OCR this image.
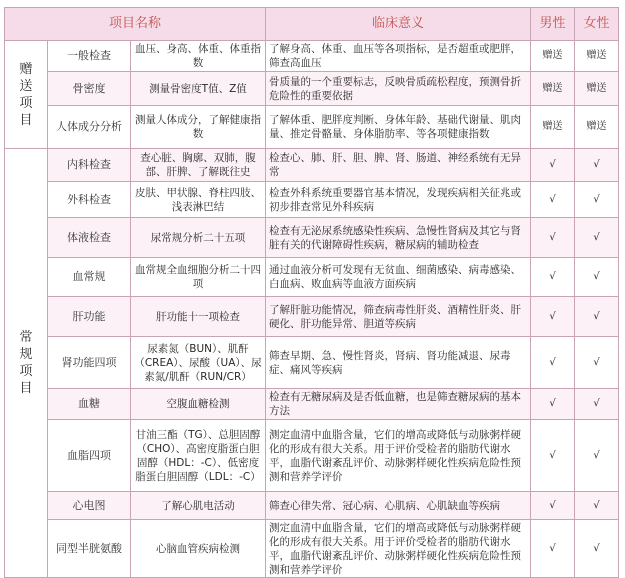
项目名称			临床意义	男性	女性
赠送项目	一般检查	血压、身高、体重、体重指数	了解身高、体重、血压等各项指标，是否超重或肥胖，筛查高血压	赠送	赠送
	骨密度	测量骨密度T值、Z值	骨质量的一个重要标志，反映骨质疏松程度，预测骨折危险性的重要依据	赠送	赠送
	人体成分分析	测量人体成分，了解健康指数	了解体重、肥胖度判断、身体年龄、基础代谢量、肌肉量、推定骨骼量、身体脂肪率、等各项健康指数	赠送	赠送
常规项目	内科检查	查心脏、胸廓、双肺，腹部、肝脾、了解既往史	检查心、肺、肝、胆、脾、肾、肠道、神经系统有无异常	√	√
	外科检查	皮肤、甲状腺、脊柱四肢、浅表淋巴结	检查外科系统重要器官基本情况，发现疾病相关征兆或初步排查常见外科疾病	√	√
	体液检查	尿常规分析二十五项	检查有无泌尿系统感染性疾病、急慢性肾病及其它与肾脏有关的代谢障碍性疾病，糖尿病的辅助检查	√	√
	血常规	血常规全血细胞分析二十四项	通过血液分析可发现有无贫血、细菌感染、病毒感染、白血病、败血病等血液方面疾病	√	√
	肝功能	肝功能十一项检查	了解肝脏功能情况，筛查病毒性肝炎、酒精性肝炎、肝硬化、肝功能异常、胆道等疾病	√	√
	肾功能四项	尿素氮（BUN）、肌酐（CREA）、尿酸（UA）、尿素氮/肌酐（RUN/CR）	筛查早期、急、慢性肾炎，肾病、肾功能减退、尿毒症、痛风等疾病	√	√
	血糖	空腹血糖检测	检查有无糖尿病及是否低血糖，也是筛查糖尿病的基本方法	√	√
	血脂四项	甘油三酯（TG）、总胆固醇（CHO）、高密度脂蛋白胆固醇（HDL：-C）、低密度脂蛋白胆固醇（LDL：-C）	测定血清中血脂含量，它们的增高或降低与动脉粥样硬化的形成有很大关系。用于评价受检者的脂肪代谢水平，血脂代谢紊乱评价、动脉粥样硬化性疾病危险性预测和营养学评价	√	√
	心电图	了解心肌电活动	筛查心律失常、冠心病、心肌病、心肌缺血等疾病	√	√
	同型半胱氨酸	心脑血管疾病检测	测定血清中血脂含量，它们的增高或降低与动脉粥样硬化的形成有很大关系。用于评价受检者的脂肪代谢水平，血脂代谢紊乱评价、动脉粥样硬化性疾病危险性预测和营养学评价	√	√
